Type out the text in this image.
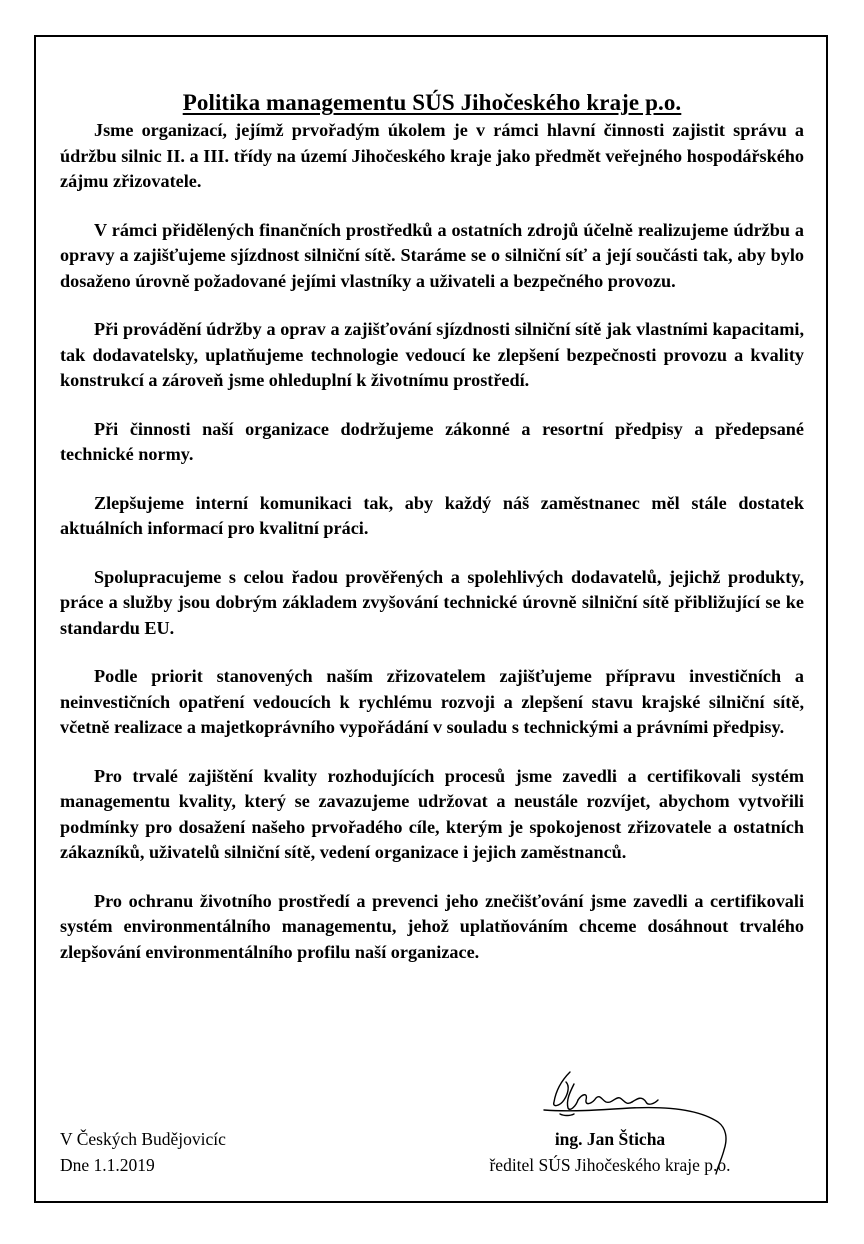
Politika managementu SÚS Jihočeského kraje p.o.

Jsme organizací, jejímž prvořadým úkolem je v rámci hlavní činnosti zajistit správu a údržbu silnic II. a III. třídy na území Jihočeského kraje jako předmět veřejného hospodářského zájmu zřizovatele.

V rámci přidělených finančních prostředků a ostatních zdrojů účelně realizujeme údržbu a opravy a zajišťujeme sjízdnost silniční sítě. Staráme se o silniční síť a její součásti tak, aby bylo dosaženo úrovně požadované jejími vlastníky a uživateli a bezpečného provozu.

Při provádění údržby a oprav a zajišťování sjízdnosti silniční sítě jak vlastními kapacitami, tak dodavatelsky, uplatňujeme technologie vedoucí ke zlepšení bezpečnosti provozu a kvality konstrukcí a zároveň jsme ohleduplní k životnímu prostředí.

Při činnosti naší organizace dodržujeme zákonné a resortní předpisy a předepsané technické normy.

Zlepšujeme interní komunikaci tak, aby každý náš zaměstnanec měl stále dostatek aktuálních informací pro kvalitní práci.

Spolupracujeme s celou řadou prověřených a spolehlivých dodavatelů, jejichž produkty, práce a služby jsou dobrým základem zvyšování technické úrovně silniční sítě přibližující se ke standardu EU.

Podle priorit stanovených naším zřizovatelem zajišťujeme přípravu investičních a neinvestičních opatření vedoucích k rychlému rozvoji a zlepšení stavu krajské silniční sítě, včetně realizace a majetkoprávního vypořádání v souladu s technickými a právními předpisy.

Pro trvalé zajištění kvality rozhodujících procesů jsme zavedli a certifikovali systém managementu kvality, který se zavazujeme udržovat a neustále rozvíjet, abychom vytvořili podmínky pro dosažení našeho prvořadého cíle, kterým je spokojenost zřizovatele a ostatních zákazníků, uživatelů silniční sítě, vedení organizace i jejich zaměstnanců.

Pro ochranu životního prostředí a prevenci jeho znečišťování jsme zavedli a certifikovali systém environmentálního managementu, jehož uplatňováním chceme dosáhnout trvalého zlepšování environmentálního profilu naší organizace.

V Českých Budějovicíc
Dne 1.1.2019
ing. Jan Šticha
ředitel SÚS Jihočeského kraje p.o.
